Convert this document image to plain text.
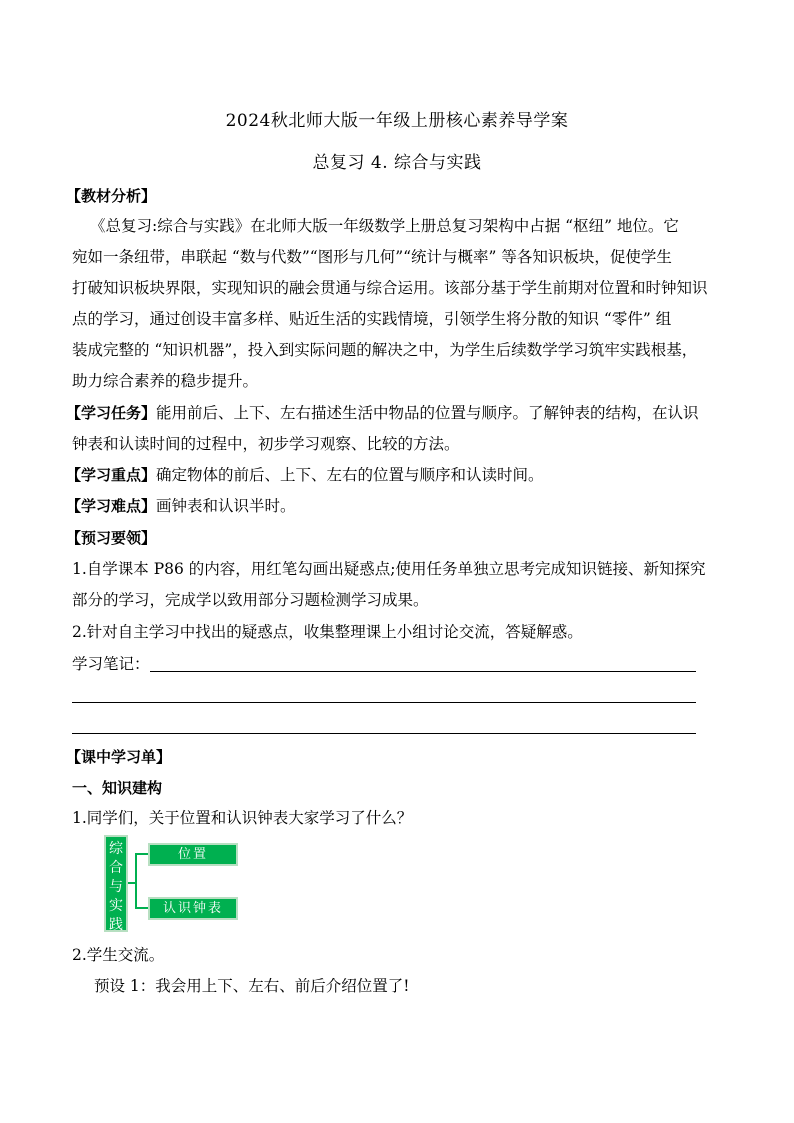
2024秋北师大版一年级上册核心素养导学案
总复习 4. 综合与实践
【教材分析】
《总复习:综合与实践》在北师大版一年级数学上册总复习架构中占据 “枢纽” 地位。它
宛如一条纽带，串联起 “数与代数”“图形与几何”“统计与概率” 等各知识板块，促使学生
打破知识板块界限，实现知识的融会贯通与综合运用。该部分基于学生前期对位置和时钟知识
点的学习，通过创设丰富多样、贴近生活的实践情境，引领学生将分散的知识 “零件” 组
装成完整的 “知识机器”，投入到实际问题的解决之中，为学生后续数学学习筑牢实践根基，
助力综合素养的稳步提升。
【学习任务】能用前后、上下、左右描述生活中物品的位置与顺序。了解钟表的结构，在认识
钟表和认读时间的过程中，初步学习观察、比较的方法。
【学习重点】确定物体的前后、上下、左右的位置与顺序和认读时间。
【学习难点】画钟表和认识半时。
【预习要领】
1.自学课本 P86 的内容，用红笔勾画出疑惑点;使用任务单独立思考完成知识链接、新知探究
部分的学习，完成学以致用部分习题检测学习成果。
2.针对自主学习中找出的疑惑点，收集整理课上小组讨论交流，答疑解惑。
学习笔记：
【课中学习单】
一、知识建构
1.同学们，关于位置和认识钟表大家学习了什么？
综
合
与
实
践
位置
认识钟表
2.学生交流。
预设 1：我会用上下、左右、前后介绍位置了!
